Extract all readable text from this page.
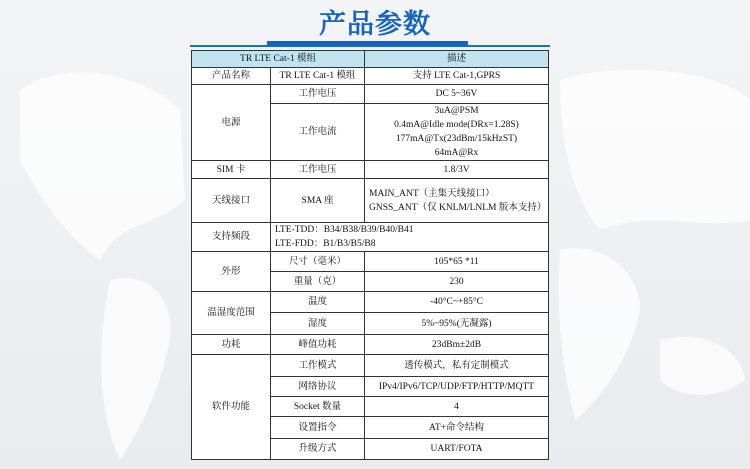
产品参数
TR LTE Cat-1 模组		描述
产品名称	TR LTE Cat-1 模组	支持 LTE Cat-1,GPRS
电源	工作电压	DC 5~36V
	工作电流	3uA@PSM
0.4mA@Idle mode(DRx=1.28S)
177mA@Tx(23dBm/15kHzST)
64mA@Rx

SIM 卡	工作电压	1.8/3V
天线接口	SMA 座	MAIN_ANT（主集天线接口）
GNSS_ANT（仅 KNLM/LNLM 版本支持）

支持频段	LTE-TDD：B34/B38/B39/B40/B41
LTE-FDD：B1/B3/B5/B8	

外形	尺寸（毫米）	105*65 *11
	重量（克）	230
温湿度范围	温度	-40°C~+85°C
	湿度	5%~95%(无凝露)
功耗	峰值功耗	23dBm±2dB
软件功能	工作模式	透传模式，私有定制模式
	网络协议	IPv4/IPv6/TCP/UDP/FTP/HTTP/MQTT
	Socket 数量	4
	设置指令	AT+命令结构
	升级方式	UART/FOTA
